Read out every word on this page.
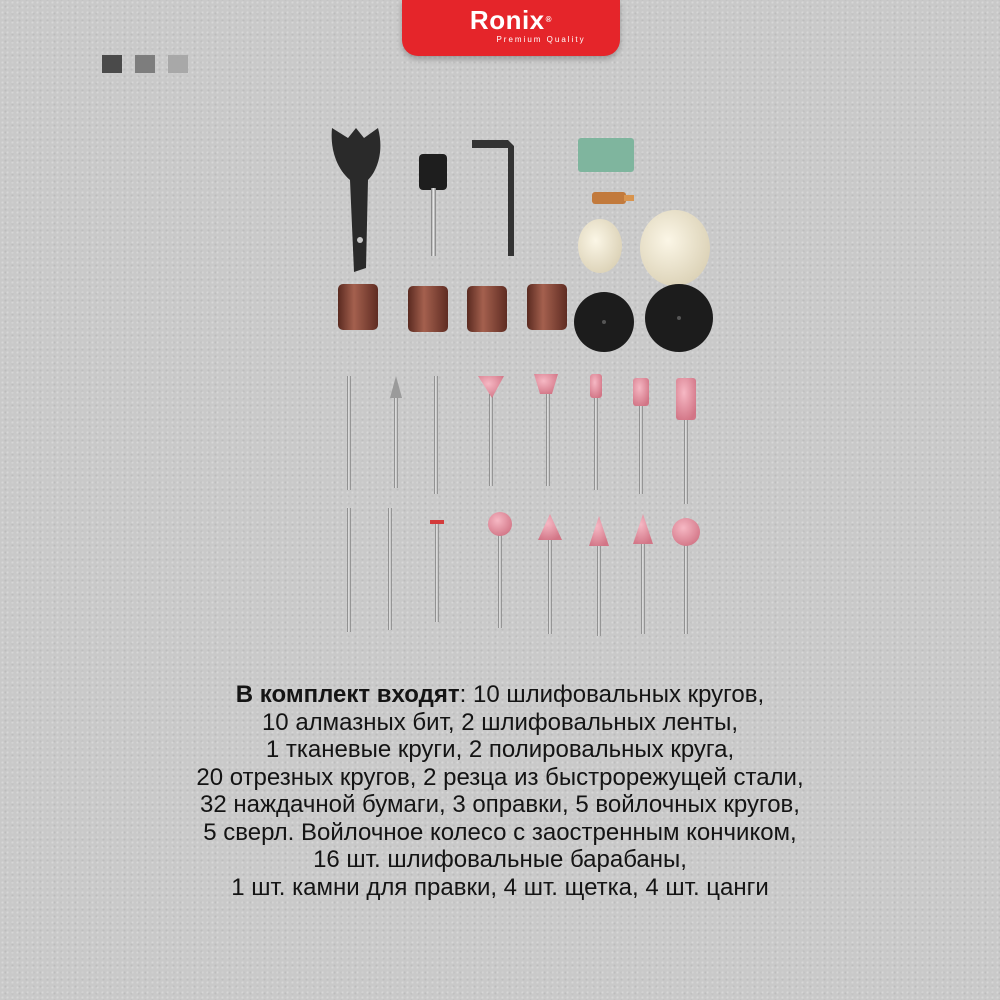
Ronix®
Premium Quality
В комплект входят: 10 шлифовальных кругов,
10 алмазных бит, 2 шлифовальных ленты,
1 тканевые круги, 2 полировальных круга,
20 отрезных кругов, 2 резца из быстрорежущей стали,
32 наждачной бумаги, 3 оправки, 5 войлочных кругов,
5 сверл. Войлочное колесо с заостренным кончиком,
16 шт. шлифовальные барабаны,
1 шт. камни для правки, 4 шт. щетка, 4 шт. цанги
